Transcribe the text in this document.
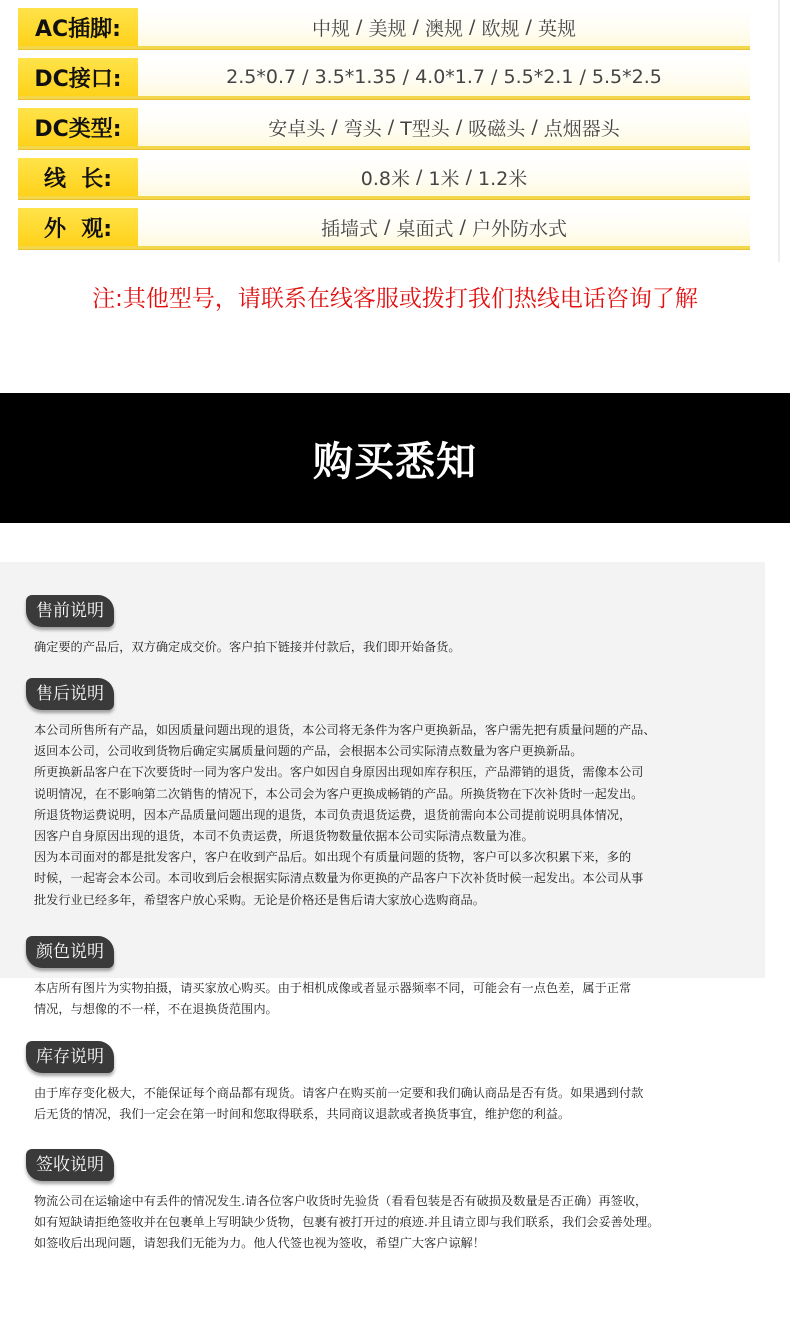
AC插脚:	中规 / 美规 / 澳规 / 欧规 / 英规
DC接口:	2.5*0.7 / 3.5*1.35 / 4.0*1.7 / 5.5*2.1 / 5.5*2.5
DC类型:	安卓头 / 弯头 / T型头 / 吸磁头 / 点烟器头
线  长:	0.8米 / 1米 / 1.2米
外  观:	插墙式 / 桌面式 / 户外防水式
注:其他型号，请联系在线客服或拨打我们热线电话咨询了解
购买悉知
售前说明
确定要的产品后，双方确定成交价。客户拍下链接并付款后，我们即开始备货。
售后说明
本公司所售所有产品，如因质量问题出现的退货，本公司将无条件为客户更换新品，客户需先把有质量问题的产品、
返回本公司，公司收到货物后确定实属质量问题的产品，会根据本公司实际清点数量为客户更换新品。
所更换新品客户在下次要货时一同为客户发出。客户如因自身原因出现如库存积压，产品滞销的退货，需像本公司
说明情况，在不影响第二次销售的情况下，本公司会为客户更换成畅销的产品。所换货物在下次补货时一起发出。
所退货物运费说明，因本产品质量问题出现的退货，本司负责退货运费，退货前需向本公司提前说明具体情况，
因客户自身原因出现的退货，本司不负责运费，所退货物数量依据本公司实际清点数量为准。
因为本司面对的都是批发客户，客户在收到产品后。如出现个有质量问题的货物，客户可以多次积累下来，多的
时候，一起寄会本公司。本司收到后会根据实际清点数量为你更换的产品客户下次补货时候一起发出。本公司从事
批发行业已经多年，希望客户放心采购。无论是价格还是售后请大家放心选购商品。
颜色说明
本店所有图片为实物拍摄，请买家放心购买。由于相机成像或者显示器频率不同，可能会有一点色差，属于正常
情况，与想像的不一样，不在退换货范围内。
库存说明
由于库存变化极大，不能保证每个商品都有现货。请客户在购买前一定要和我们确认商品是否有货。如果遇到付款
后无货的情况，我们一定会在第一时间和您取得联系，共同商议退款或者换货事宜，维护您的利益。
签收说明
物流公司在运输途中有丢件的情况发生.请各位客户收货时先验货（看看包装是否有破损及数量是否正确）再签收，
如有短缺请拒绝签收并在包裹单上写明缺少货物，包裹有被打开过的痕迹.并且请立即与我们联系，我们会妥善处理。
如签收后出现问题，请恕我们无能为力。他人代签也视为签收，希望广大客户谅解！
